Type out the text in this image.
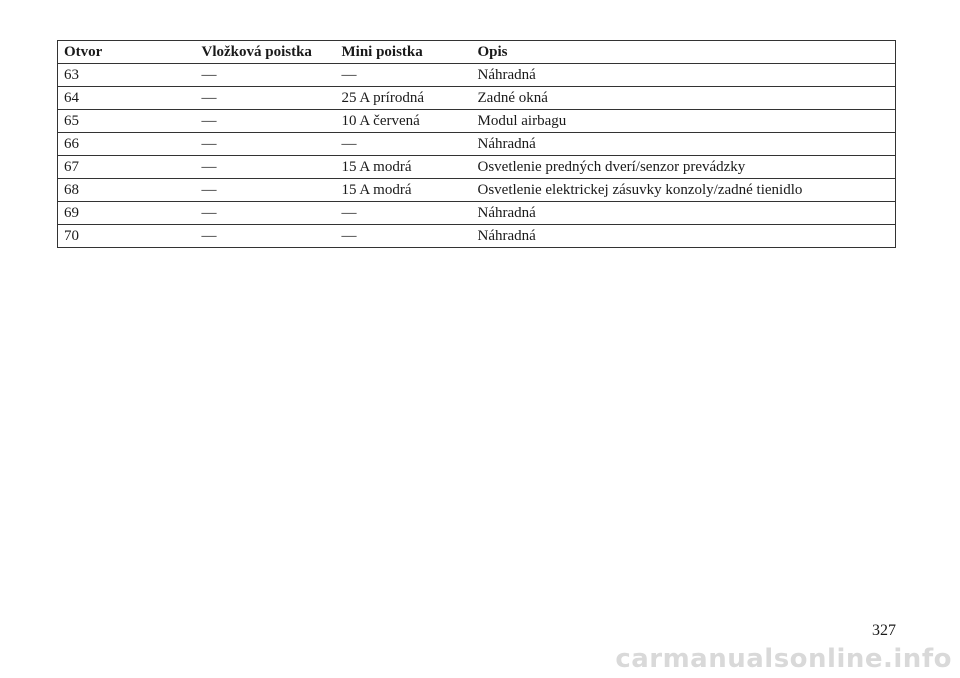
Otvor	Vložková poistka	Mini poistka	Opis
63	—	—	Náhradná
64	—	25 A prírodná	Zadné okná
65	—	10 A červená	Modul airbagu
66	—	—	Náhradná
67	—	15 A modrá	Osvetlenie predných dverí/senzor prevádzky
68	—	15 A modrá	Osvetlenie elektrickej zásuvky konzoly/zadné tienidlo
69	—	—	Náhradná
70	—	—	Náhradná
327
carmanualsonline.info
